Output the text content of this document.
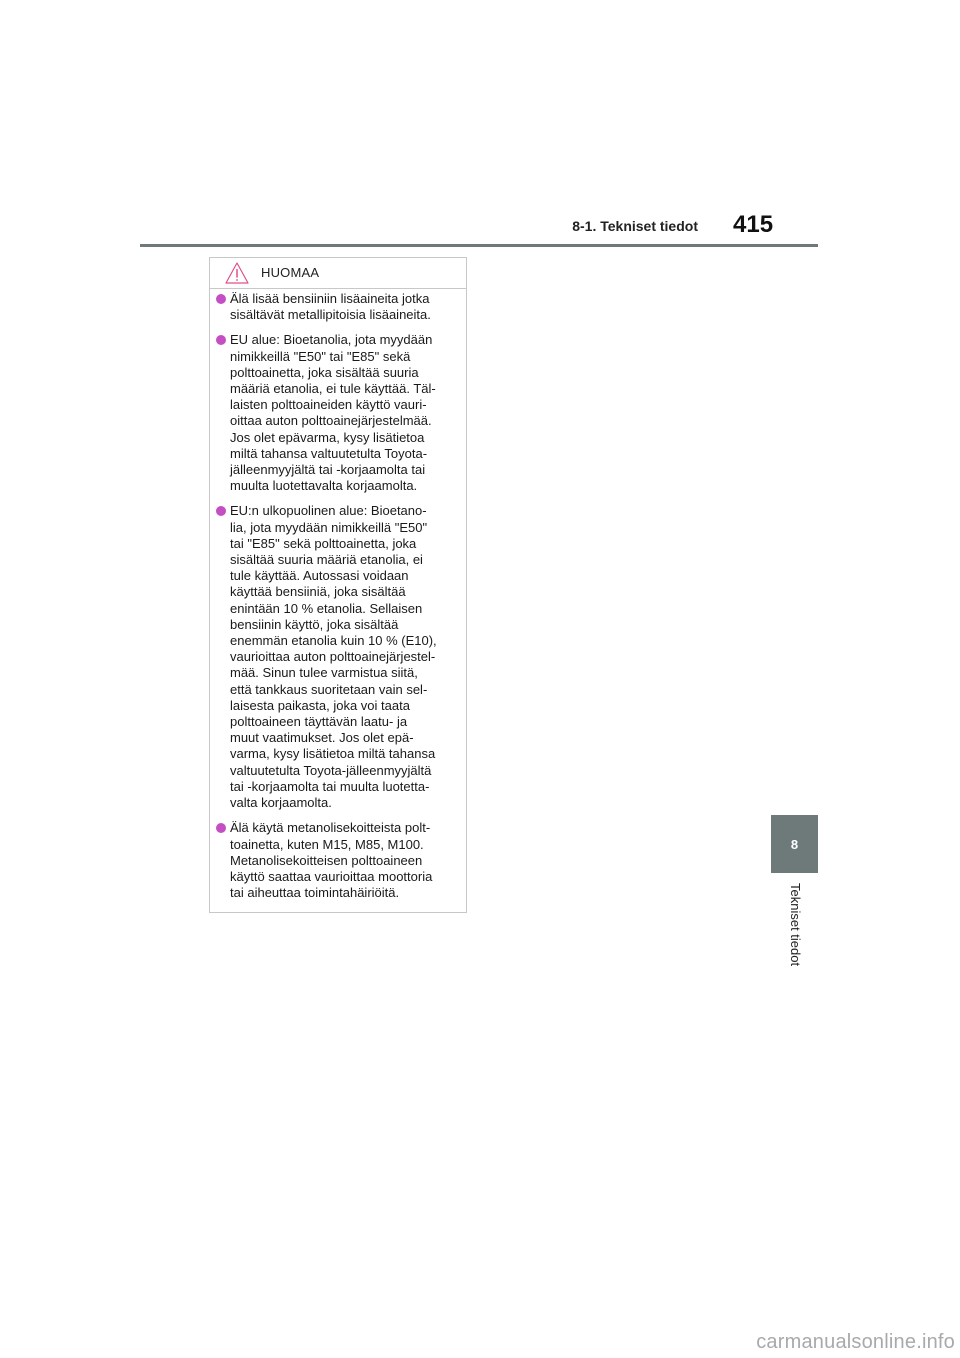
8-1. Tekniset tiedot 415
8
Tekniset tiedot
HUOMAA
Älä lisää bensiiniin lisäaineita jotka
sisältävät metallipitoisia lisäaineita.
EU alue: Bioetanolia, jota myydään
nimikkeillä "E50" tai "E85" sekä
polttoainetta, joka sisältää suuria
määriä etanolia, ei tule käyttää. Täl-
laisten polttoaineiden käyttö vauri-
oittaa auton polttoainejärjestelmää.
Jos olet epävarma, kysy lisätietoa
miltä tahansa valtuutetulta Toyota-
jälleenmyyjältä tai -korjaamolta tai
muulta luotettavalta korjaamolta.
EU:n ulkopuolinen alue: Bioetano-
lia, jota myydään nimikkeillä "E50"
tai "E85" sekä polttoainetta, joka
sisältää suuria määriä etanolia, ei
tule käyttää. Autossasi voidaan
käyttää bensiiniä, joka sisältää
enintään 10 % etanolia. Sellaisen
bensiinin käyttö, joka sisältää
enemmän etanolia kuin 10 % (E10),
vaurioittaa auton polttoainejärjestel-
mää. Sinun tulee varmistua siitä,
että tankkaus suoritetaan vain sel-
laisesta paikasta, joka voi taata
polttoaineen täyttävän laatu- ja
muut vaatimukset. Jos olet epä-
varma, kysy lisätietoa miltä tahansa
valtuutetulta Toyota-jälleenmyyjältä
tai -korjaamolta tai muulta luotetta-
valta korjaamolta.
Älä käytä metanolisekoitteista polt-
toainetta, kuten M15, M85, M100.
Metanolisekoitteisen polttoaineen
käyttö saattaa vaurioittaa moottoria
tai aiheuttaa toimintahäiriöitä.
carmanualsonline.info
